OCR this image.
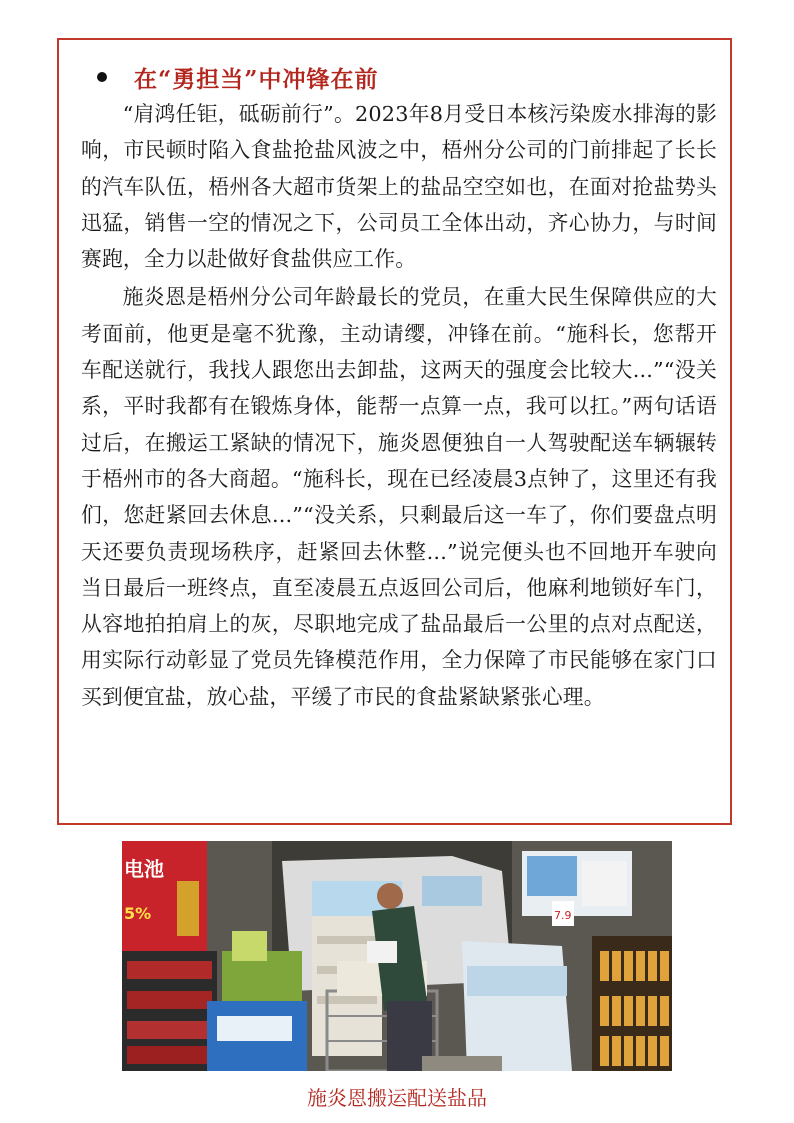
在“勇担当”中冲锋在前

“肩鸿任钜，砥砺前行”。2023年8月受日本核污染废水排海的影响，市民顿时陷入食盐抢盐风波之中，梧州分公司的门前排起了长长的汽车队伍，梧州各大超市货架上的盐品空空如也，在面对抢盐势头迅猛，销售一空的情况之下，公司员工全体出动，齐心协力，与时间赛跑，全力以赴做好食盐供应工作。

施炎恩是梧州分公司年龄最长的党员，在重大民生保障供应的大考面前，他更是毫不犹豫，主动请缨，冲锋在前。“施科长，您帮开车配送就行，我找人跟您出去卸盐，这两天的强度会比较大...”“没关系，平时我都有在锻炼身体，能帮一点算一点，我可以扛。”两句话语过后，在搬运工紧缺的情况下，施炎恩便独自一人驾驶配送车辆辗转于梧州市的各大商超。“施科长，现在已经凌晨3点钟了，这里还有我们，您赶紧回去休息...”“没关系，只剩最后这一车了，你们要盘点明天还要负责现场秩序，赶紧回去休整...”说完便头也不回地开车驶向当日最后一班终点，直至凌晨五点返回公司后，他麻利地锁好车门，从容地拍拍肩上的灰，尽职地完成了盐品最后一公里的点对点配送，用实际行动彰显了党员先锋模范作用，全力保障了市民能够在家门口买到便宜盐，放心盐，平缓了市民的食盐紧缺紧张心理。

电池
5%	7.9
施炎恩搬运配送盐品
